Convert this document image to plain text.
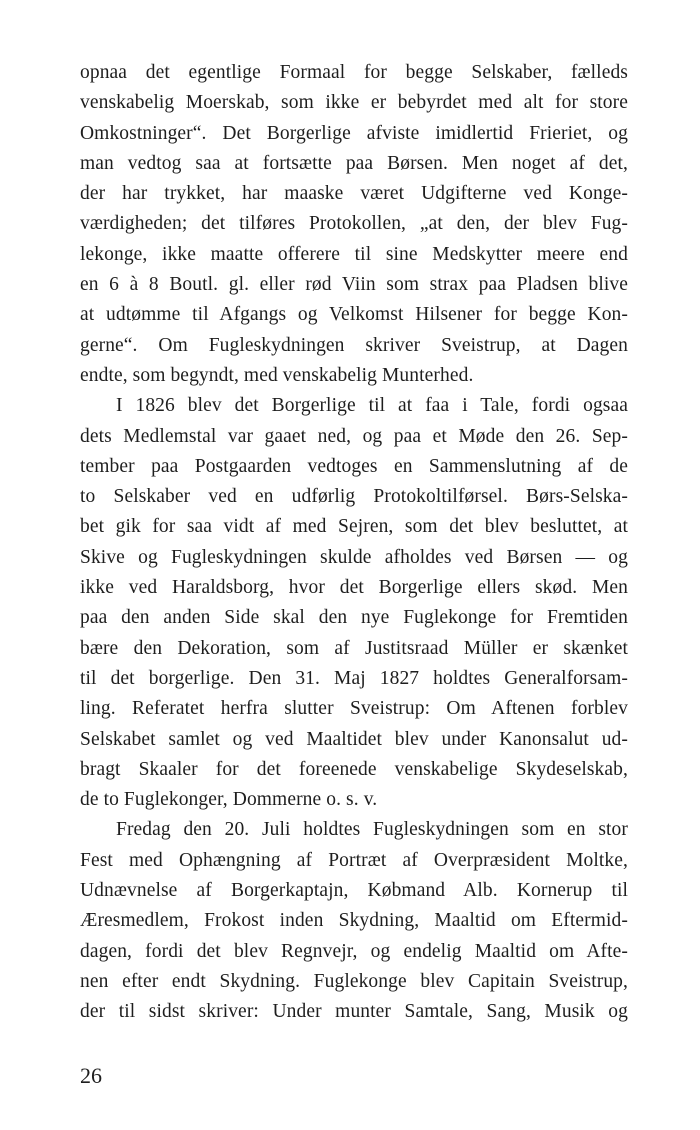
opnaa det egentlige Formaal for begge Selskaber, fælleds
venskabelig Moerskab, som ikke er bebyrdet med alt for store
Omkostninger“. Det Borgerlige afviste imidlertid Frieriet, og
man vedtog saa at fortsætte paa Børsen. Men noget af det,
der har trykket, har maaske været Udgifterne ved Konge-
værdigheden; det tilføres Protokollen, „at den, der blev Fug-
lekonge, ikke maatte offerere til sine Medskytter meere end
en 6 à 8 Boutl. gl. eller rød Viin som strax paa Pladsen blive
at udtømme til Afgangs og Velkomst Hilsener for begge Kon-
gerne“. Om Fugleskydningen skriver Sveistrup, at Dagen
endte, som begyndt, med venskabelig Munterhed.
I 1826 blev det Borgerlige til at faa i Tale, fordi ogsaa
dets Medlemstal var gaaet ned, og paa et Møde den 26. Sep-
tember paa Postgaarden vedtoges en Sammenslutning af de
to Selskaber ved en udførlig Protokoltilførsel. Børs-Selska-
bet gik for saa vidt af med Sejren, som det blev besluttet, at
Skive og Fugleskydningen skulde afholdes ved Børsen — og
ikke ved Haraldsborg, hvor det Borgerlige ellers skød. Men
paa den anden Side skal den nye Fuglekonge for Fremtiden
bære den Dekoration, som af Justitsraad Müller er skænket
til det borgerlige. Den 31. Maj 1827 holdtes Generalforsam-
ling. Referatet herfra slutter Sveistrup: Om Aftenen forblev
Selskabet samlet og ved Maaltidet blev under Kanonsalut ud-
bragt Skaaler for det foreenede venskabelige Skydeselskab,
de to Fuglekonger, Dommerne o. s. v.
Fredag den 20. Juli holdtes Fugleskydningen som en stor
Fest med Ophængning af Portræt af Overpræsident Moltke,
Udnævnelse af Borgerkaptajn, Købmand Alb. Kornerup til
Æresmedlem, Frokost inden Skydning, Maaltid om Eftermid-
dagen, fordi det blev Regnvejr, og endelig Maaltid om Afte-
nen efter endt Skydning. Fuglekonge blev Capitain Sveistrup,
der til sidst skriver: Under munter Samtale, Sang, Musik og
26
